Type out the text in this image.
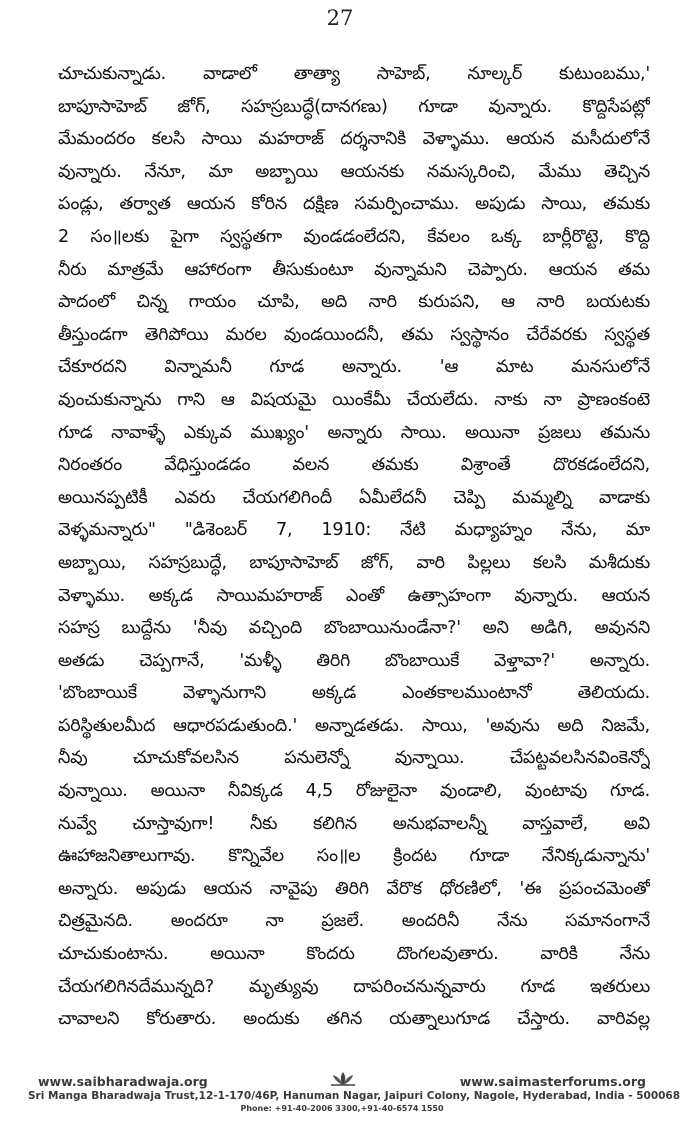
27
చూచుకున్నాడు. వాడాలో తాత్యా సాహెబ్, నూల్కర్ కుటుంబము,'
బాపూసాహెబ్ జోగ్, సహస్రబుద్ధే(దానగణు) గూడా వున్నారు. కొద్దిసేపట్లో
మేమందరం కలసి సాయి మహరాజ్ దర్శనానికి వెళ్ళాము. ఆయన మసీదులోనే
వున్నారు. నేనూ, మా అబ్బాయి ఆయనకు నమస్కరించి, మేము తెచ్చిన
పండ్లు, తర్వాత ఆయన కోరిన దక్షిణ సమర్పించాము. అపుడు సాయి, తమకు
2 సం॥లకు పైగా స్వస్థతగా వుండడంలేదని, కేవలం ఒక్క బార్లీరొట్టె, కొద్ది
నీరు మాత్రమే ఆహారంగా తీసుకుంటూ వున్నామని చెప్పారు. ఆయన తమ
పాదంలో చిన్న గాయం చూపి, అది నారి కురుపని, ఆ నారి బయటకు
తీస్తుండగా తెగిపోయి మరల వుండయిందనీ, తమ స్వస్థానం చేరేవరకు స్వస్థత
చేకూరదని విన్నామనీ గూడ అన్నారు. 'ఆ మాట మనసులోనే
వుంచుకున్నాను గాని ఆ విషయమై యింకేమీ చేయలేదు. నాకు నా ప్రాణంకంటె
గూడ నావాళ్ళే ఎక్కువ ముఖ్యం' అన్నారు సాయి. అయినా ప్రజలు తమను
నిరంతరం వేధిస్తుండడం వలన తమకు విశ్రాంతే దొరకడంలేదని,
అయినప్పటికీ ఎవరు చేయగలిగిందీ ఏమీలేదనీ చెప్పి మమ్మల్ని వాడాకు
వెళ్ళమన్నారు" "డిశెంబర్ 7, 1910: నేటి మధ్యాహ్నం నేను, మా
అబ్బాయి, సహస్రబుద్ధే, బాపూసాహెబ్ జోగ్, వారి పిల్లలు కలసి మశీదుకు
వెళ్ళాము. అక్కడ సాయిమహరాజ్ ఎంతో ఉత్సాహంగా వున్నారు. ఆయన
సహస్ర బుద్దేను 'నీవు వచ్చింది బొంబాయినుండేనా?' అని అడిగి, అవునని
అతడు చెప్పగానే, 'మళ్ళీ తిరిగి బొంబాయికే వెళ్తావా?' అన్నారు.
'బొంబాయికే వెళ్ళానుగాని అక్కడ ఎంతకాలముంటానో తెలియదు.
పరిస్థితులమీద ఆధారపడుతుంది.' అన్నాడతడు. సాయి, 'అవును అది నిజమే,
నీవు చూచుకోవలసిన పనులెన్నో వున్నాయి. చేపట్టవలసినవింకెన్నో
వున్నాయి. అయినా నీవిక్కడ 4,5 రోజులైనా వుండాలి, వుంటావు గూడ.
నువ్వే చూస్తావుగా! నీకు కలిగిన అనుభవాలన్నీ వాస్తవాలే, అవి
ఊహాజనితాలుగావు. కొన్నివేల సం॥ల క్రిందట గూడా నేనిక్కడున్నాను'
అన్నారు. అపుడు ఆయన నావైపు తిరిగి వేరొక ధోరణిలో, 'ఈ ప్రపంచమెంతో
చిత్రమైనది. అందరూ నా ప్రజలే. అందరినీ నేను సమానంగానే
చూచుకుంటాను. అయినా కొందరు దొంగలవుతారు. వారికి నేను
చేయగలిగినదేమున్నది? మృత్యువు దాపరించనున్నవారు గూడ ఇతరులు
చావాలని కోరుతారు. అందుకు తగిన యత్నాలుగూడ చేస్తారు. వారివల్ల
www.saibharadwaja.org	www.saimasterforums.org
Sri Manga Bharadwaja Trust,12-1-170/46P, Hanuman Nagar, Jaipuri Colony, Nagole, Hyderabad, India - 500068
Phone: +91-40-2006 3300,+91-40-6574 1550
